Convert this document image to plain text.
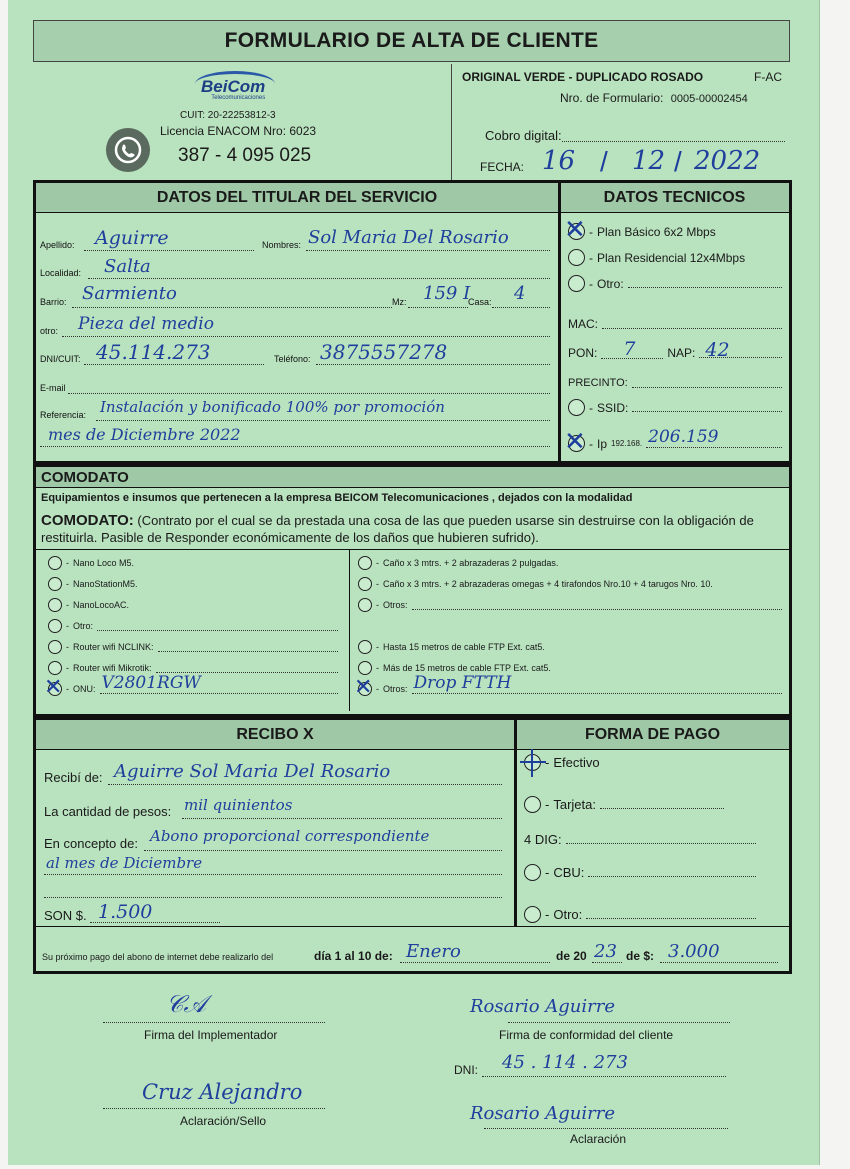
FORMULARIO DE ALTA DE CLIENTE
BeiCom
Telecomunicaciones
CUIT: 20-22253812-3
Licencia ENACOM Nro: 6023
387 - 4 095 025
ORIGINAL VERDE - DUPLICADO ROSADO	F-AC
Nro. de Formulario: 0005-00002454
Cobro digital:
FECHA: 16 / 12 / 2022
DATOS DEL TITULAR DEL SERVICIO	DATOS TECNICOS
Apellido: Aguirre	Nombres: Sol Maria Del Rosario
Localidad: Salta
Barrio: Sarmiento	Mz: 159 I
Casa: 4
otro: Pieza del medio
DNI/CUIT: 45.114.273	Teléfono: 3875557278
E-mail
Referencia: Instalación y bonificado 100% por promoción
mes de Diciembre 2022
✕ - Plan Básico 6x2 Mbps
- Plan Residencial 12x4Mbps
- Otro:
MAC:
PON: 7	NAP: 42
PRECINTO:
- SSID:
✕ - Ip 192.168. 206.159
COMODATO
Equipamientos e insumos que pertenecen a la empresa BEICOM Telecomunicaciones , dejados con la modalidad
COMODATO: (Contrato por el cual se da prestada una cosa de las que pueden usarse sin destruirse con la obligación de restituirla. Pasible de Responder económicamente de los daños que hubieren sufrido).
- Nano Loco M5.
- NanoStationM5.
- NanoLocoAC.
- Otro:
- Router wifi NCLINK:
- Router wifi Mikrotik:
✕ - ONU: V2801RGW
- Caño x 3 mtrs. + 2 abrazaderas 2 pulgadas.
- Caño x 3 mtrs. + 2 abrazaderas omegas + 4 tirafondos Nro.10 + 4 tarugos Nro. 10.
- Otros:
- Hasta 15 metros de cable FTP Ext. cat5.
- Más de 15 metros de cable FTP Ext. cat5.
✕ - Otros: Drop FTTH
RECIBO X	FORMA DE PAGO
Recibí de: Aguirre Sol Maria Del Rosario
La cantidad de pesos: mil quinientos
En concepto de: Abono proporcional correspondiente
al mes de Diciembre
SON $. 1.500
- Efectivo
- Tarjeta:
4 DIG:
- CBU:
- Otro:
Su próximo pago del abono de internet debe realizarlo del	día 1 al 10 de: Enero	de 20 23 de $: 3.000
𝒞𝒜
Firma del Implementador
Rosario Aguirre
Firma de conformidad del cliente
DNI: 45 . 114 . 273
Cruz Alejandro
Aclaración/Sello	Rosario Aguirre
Aclaración
